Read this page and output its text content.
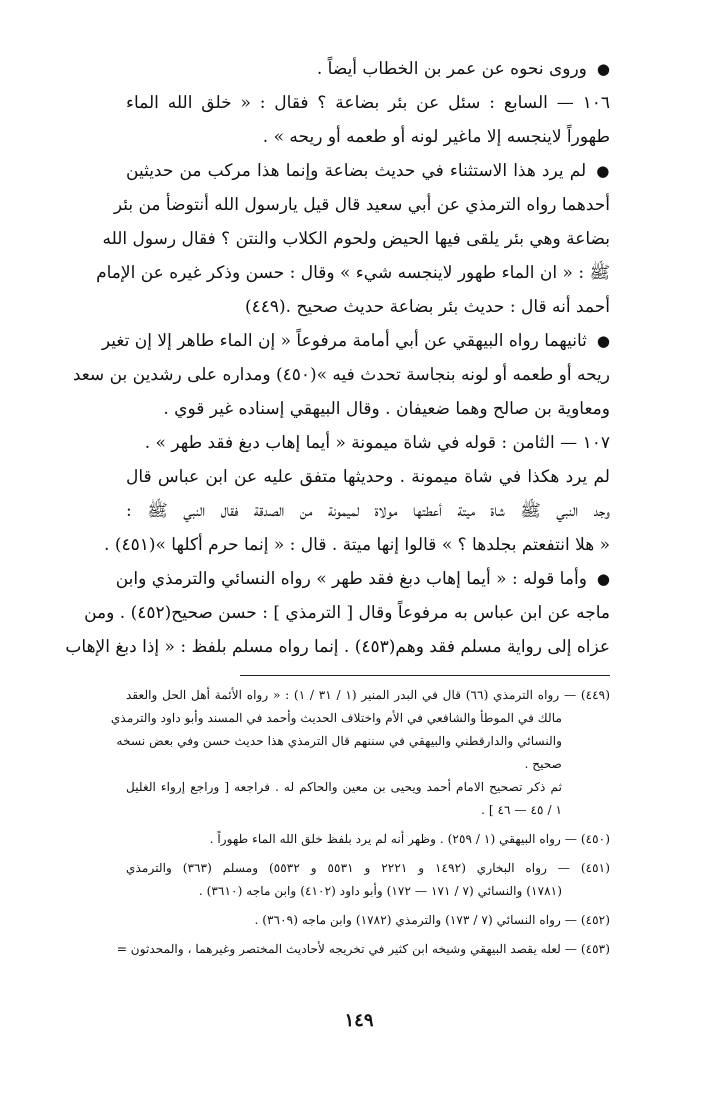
●وروى نحوه عن عمر بن الخطاب أيضاً .
١٠٦ — السابع : سئل عن بئر بضاعة ؟ فقال : « خلق الله الماء
طهوراً لاينجسه إلا ماغير لونه أو طعمه أو ريحه » .
●لم يرد هذا الاستثناء في حديث بضاعة وإنما هذا مركب من حديثين
أحدهما رواه الترمذي عن أبي سعيد قال قيل يارسول الله أنتوضأ من بئر
بضاعة وهي بئر يلقى فيها الحيض ولحوم الكلاب والنتن ؟ فقال رسول الله
ﷺ : « ان الماء طهور لاينجسه شيء » وقال : حسن وذكر غيره عن الإمام
أحمد أنه قال : حديث بئر بضاعة حديث صحيح .(٤٤٩)
●ثانيهما رواه البيهقي عن أبي أمامة مرفوعاً « إن الماء طاهر إلا إن تغير
ريحه أو طعمه أو لونه بنجاسة تحدث فيه »(٤٥٠) ومداره على رشدين بن سعد
ومعاوية بن صالح وهما ضعيفان . وقال البيهقي إسناده غير قوي .
١٠٧ — الثامن : قوله في شاة ميمونة « أيما إهاب دبغ فقد طهر » .
لم يرد هكذا في شاة ميمونة . وحديثها متفق عليه عن ابن عباس قال
وجد النبي ﷺ شاة ميتة أعطتها مولاة لميمونة من الصدقة فقال النبي ﷺ :
« هلا انتفعتم بجلدها ؟ » قالوا إنها ميتة . قال : « إنما حرم أكلها »(٤٥١) .
●وأما قوله : « أيما إهاب دبغ فقد طهر » رواه النسائي والترمذي وابن
ماجه عن ابن عباس به مرفوعاً وقال [ الترمذي ] : حسن صحيح(٤٥٢) . ومن
عزاه إلى رواية مسلم فقد وهم(٤٥٣) . إنما رواه مسلم بلفظ : « إذا دبغ الإهاب
(٤٤٩) — رواه الترمذي (٦٦) قال في البدر المنير (١ / ٣١ / ١) : « رواه الأئمة أهل الحل والعقد
مالك في الموطأ والشافعي في الأم واختلاف الحديث وأحمد في المسند وأبو داود والترمذي
والنسائي والدارقطني والبيهقي في سننهم قال الترمذي هذا حديث حسن وفي بعض نسخه
صحيح .
ثم ذكر تصحيح الامام أحمد ويحيى بن معين والحاكم له . فراجعه [ وراجع إرواء الغليل
١ / ٤٥ — ٤٦ ] .
(٤٥٠) — رواه البيهقي (١ / ٢٥٩) . وظهر أنه لم يرد بلفظ خلق الله الماء طهوراً .
(٤٥١) — رواه البخاري (١٤٩٢ و ٢٢٢١ و ٥٥٣١ و ٥٥٣٢) ومسلم (٣٦٣) والترمذي
(١٧٨١) والنسائي (٧ / ١٧١ — ١٧٢) وأبو داود (٤١٠٢) وابن ماجه (٣٦١٠) .
(٤٥٢) — رواه النسائي (٧ / ١٧٣) والترمذي (١٧٨٢) وابن ماجه (٣٦٠٩) .
(٤٥٣) — لعله يقصد البيهقي وشيخه ابن كثير في تخريجه لأحاديث المختصر وغيرهما ، والمحدثون =
١٤٩
